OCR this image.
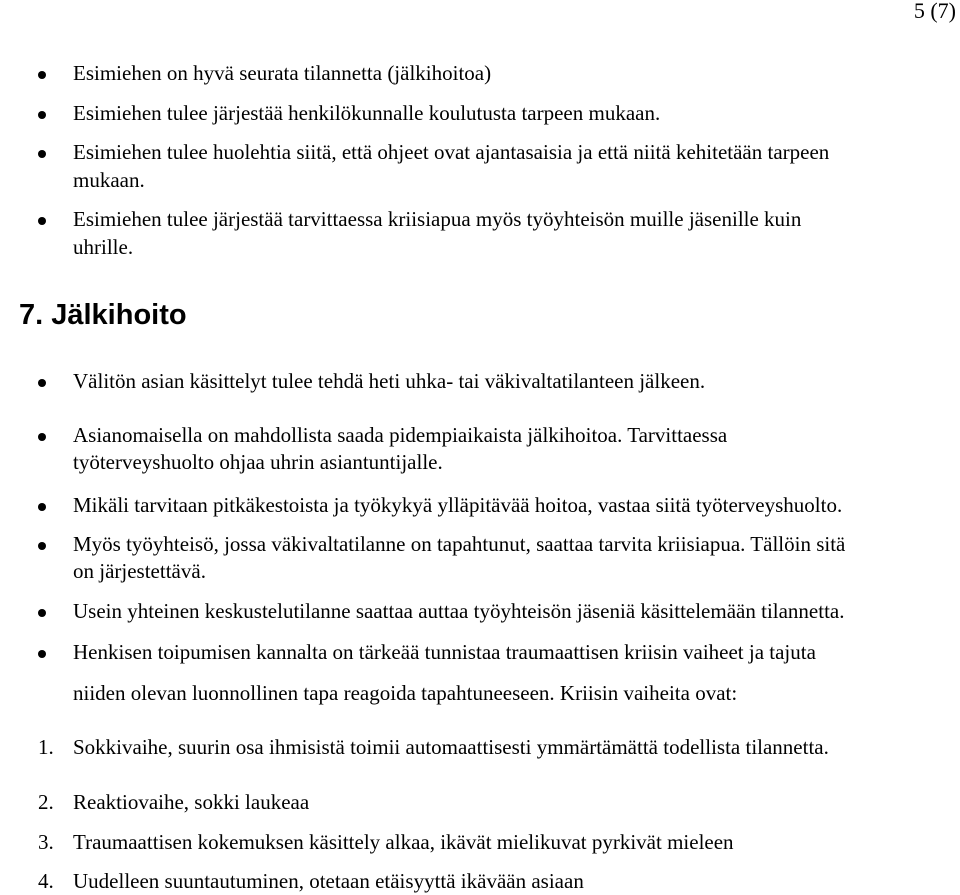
5 (7)
Esimiehen on hyvä seurata tilannetta (jälkihoitoa)
Esimiehen tulee järjestää henkilökunnalle koulutusta tarpeen mukaan.
Esimiehen tulee huolehtia siitä, että ohjeet ovat ajantasaisia ja että niitä kehitetään tarpeen
mukaan.
Esimiehen tulee järjestää tarvittaessa kriisiapua myös työyhteisön muille jäsenille kuin
uhrille.
7. Jälkihoito
Välitön asian käsittelyt tulee tehdä heti uhka- tai väkivaltatilanteen jälkeen.
Asianomaisella on mahdollista saada pidempiaikaista jälkihoitoa. Tarvittaessa
työterveyshuolto ohjaa uhrin asiantuntijalle.
Mikäli tarvitaan pitkäkestoista ja työkykyä ylläpitävää hoitoa, vastaa siitä työterveyshuolto.
Myös työyhteisö, jossa väkivaltatilanne on tapahtunut, saattaa tarvita kriisiapua. Tällöin sitä
on järjestettävä.
Usein yhteinen keskustelutilanne saattaa auttaa työyhteisön jäseniä käsittelemään tilannetta.
Henkisen toipumisen kannalta on tärkeää tunnistaa traumaattisen kriisin vaiheet ja tajuta
niiden olevan luonnollinen tapa reagoida tapahtuneeseen. Kriisin vaiheita ovat:
1. Sokkivaihe, suurin osa ihmisistä toimii automaattisesti ymmärtämättä todellista tilannetta.
2. Reaktiovaihe, sokki laukeaa
3. Traumaattisen kokemuksen käsittely alkaa, ikävät mielikuvat pyrkivät mieleen
4. Uudelleen suuntautuminen, otetaan etäisyyttä ikävään asiaan
